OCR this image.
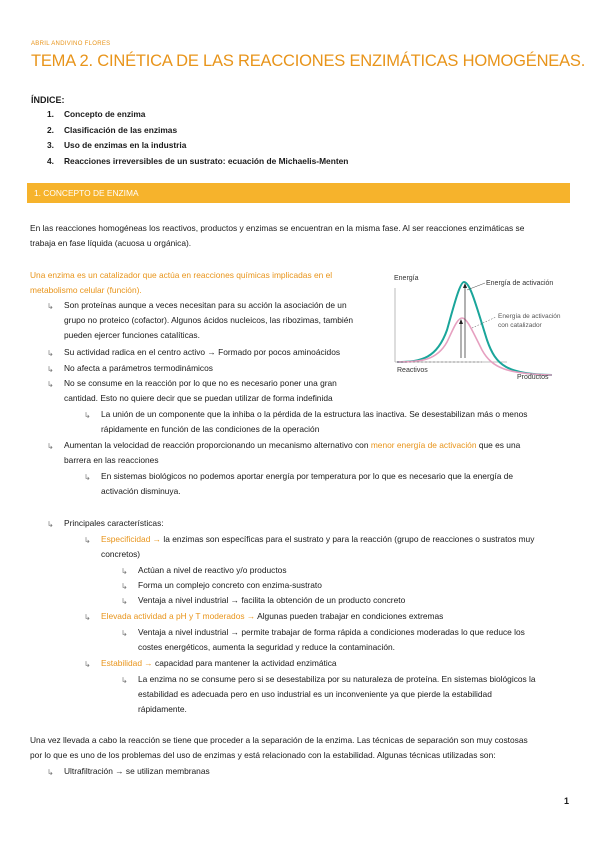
ABRIL ANDIVINO FLORES
TEMA 2. CINÉTICA DE LAS REACCIONES ENZIMÁTICAS HOMOGÉNEAS.
ÍNDICE:
1. Concepto de enzima
2. Clasificación de las enzimas
3. Uso de enzimas en la industria
4. Reacciones irreversibles de un sustrato: ecuación de Michaelis-Menten
1. CONCEPTO DE ENZIMA
En las reacciones homogéneas los reactivos, productos y enzimas se encuentran en la misma fase. Al ser reacciones enzimáticas se
trabaja en fase líquida (acuosa u orgánica).
Una enzima es un catalizador que actúa en reacciones químicas implicadas en el
metabolismo celular (función).
↳ Son proteínas aunque a veces necesitan para su acción la asociación de un
grupo no proteico (cofactor). Algunos ácidos nucleicos, las ribozimas, también
pueden ejercer funciones catalíticas.
↳ Su actividad radica en el centro activo → Formado por pocos aminoácidos
↳ No afecta a parámetros termodinámicos
↳ No se consume en la reacción por lo que no es necesario poner una gran
cantidad. Esto no quiere decir que se puedan utilizar de forma indefinida
↳ La unión de un componente que la inhiba o la pérdida de la estructura las inactiva. Se desestabilizan más o menos
rápidamente en función de las condiciones de la operación
↳ Aumentan la velocidad de reacción proporcionando un mecanismo alternativo con menor energía de activación que es una
barrera en las reacciones
↳ En sistemas biológicos no podemos aportar energía por temperatura por lo que es necesario que la energía de
activación disminuya.
↳ Principales características:
↳ Especificidad → la enzimas son específicas para el sustrato y para la reacción (grupo de reacciones o sustratos muy
concretos)
↳ Actúan a nivel de reactivo y/o productos
↳ Forma un complejo concreto con enzima-sustrato
↳ Ventaja a nivel industrial → facilita la obtención de un producto concreto
↳ Elevada actividad a pH y T moderados → Algunas pueden trabajar en condiciones extremas
↳ Ventaja a nivel industrial → permite trabajar de forma rápida a condiciones moderadas lo que reduce los
costes energéticos, aumenta la seguridad y reduce la contaminación.
↳ Estabilidad → capacidad para mantener la actividad enzimática
↳ La enzima no se consume pero si se desestabiliza por su naturaleza de proteína. En sistemas biológicos la
estabilidad es adecuada pero en uso industrial es un inconveniente ya que pierde la estabilidad
rápidamente.
Una vez llevada a cabo la reacción se tiene que proceder a la separación de la enzima. Las técnicas de separación son muy costosas
por lo que es uno de los problemas del uso de enzimas y está relacionado con la estabilidad. Algunas técnicas utilizadas son:
↳ Ultrafiltración → se utilizan membranas
Energía
Energía de activación
Energía de activación
con catalizador
Reactivos
Productos
1
